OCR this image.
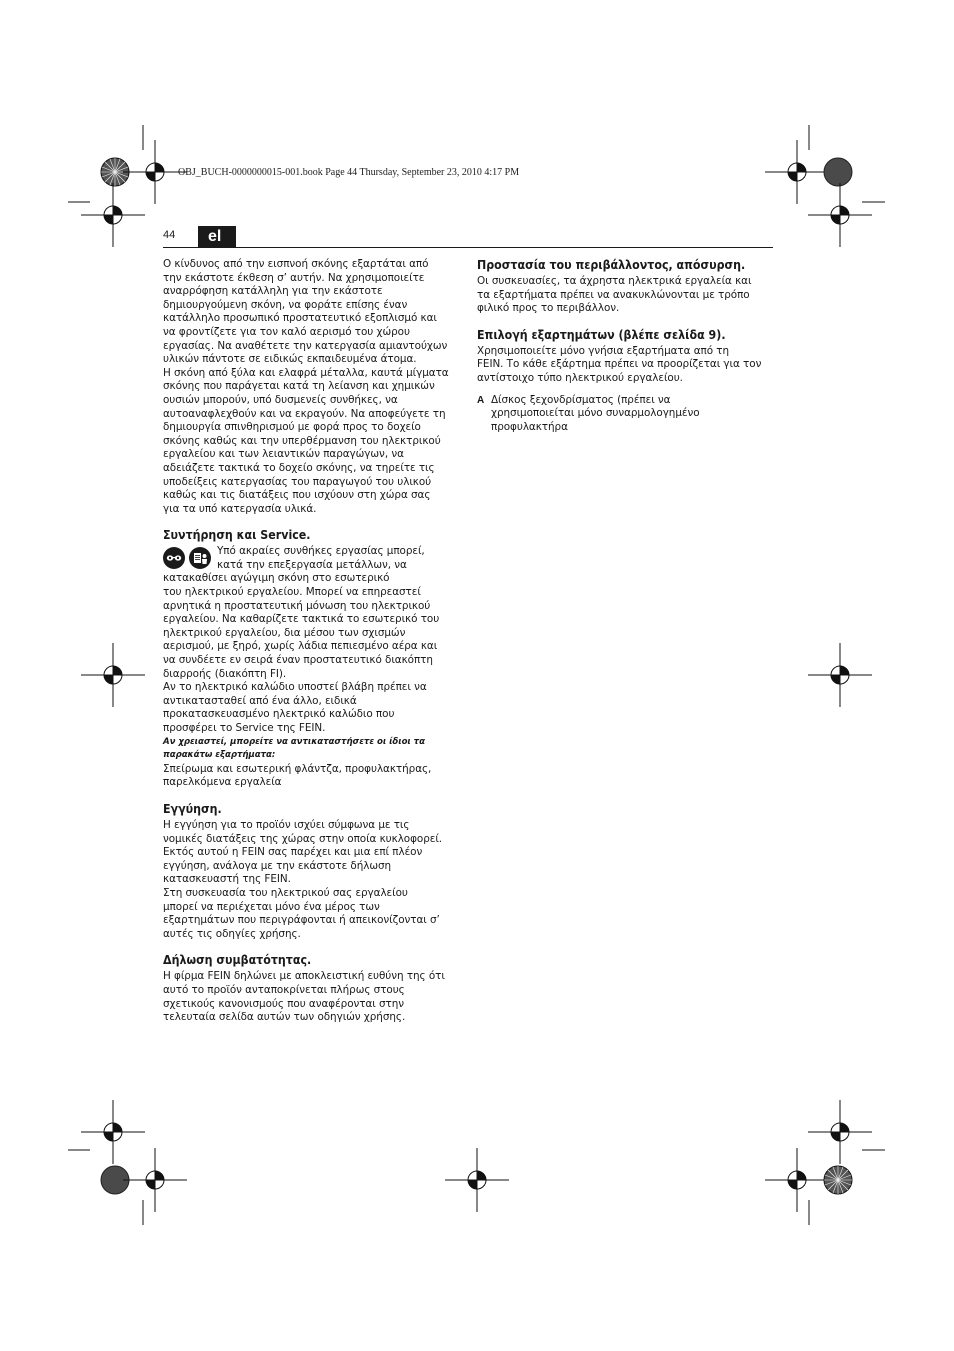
OBJ_BUCH-0000000015-001.book Page 44 Thursday, September 23, 2010 4:17 PM
44	el

Ο κίνδυνος από την εισπνοή σκόνης εξαρτάται από
την εκάστοτε έκθεση σ’ αυτήν. Να χρησιμοποιείτε
αναρρόφηση κατάλληλη για την εκάστοτε
δημιουργούμενη σκόνη, να φοράτε επίσης έναν
κατάλληλο προσωπικό προστατευτικό εξοπλισμό και
να φροντίζετε για τον καλό αερισμό του χώρου
εργασίας. Να αναθέτετε την κατεργασία αμιαντούχων
υλικών πάντοτε σε ειδικώς εκπαιδευμένα άτομα.
Η σκόνη από ξύλα και ελαφρά μέταλλα, καυτά μίγματα
σκόνης που παράγεται κατά τη λείανση και χημικών
ουσιών μπορούν, υπό δυσμενείς συνθήκες, να
αυτοαναφλεχθούν και να εκραγούν. Να αποφεύγετε τη
δημιουργία σπινθηρισμού με φορά προς το δοχείο
σκόνης καθώς και την υπερθέρμανση του ηλεκτρικού
εργαλείου και των λειαντικών παραγώγων, να
αδειάζετε τακτικά το δοχείο σκόνης, να τηρείτε τις
υποδείξεις κατεργασίας του παραγωγού του υλικού
καθώς και τις διατάξεις που ισχύουν στη χώρα σας
για τα υπό κατεργασία υλικά.

Συντήρηση και Service.

Υπό ακραίες συνθήκες εργασίας μπορεί,
κατά την επεξεργασία μετάλλων, να
κατακαθίσει αγώγιμη σκόνη στο εσωτερικό
του ηλεκτρικού εργαλείου. Μπορεί να επηρεαστεί
αρνητικά η προστατευτική μόνωση του ηλεκτρικού
εργαλείου. Να καθαρίζετε τακτικά το εσωτερικό του
ηλεκτρικού εργαλείου, δια μέσου των σχισμών
αερισμού, με ξηρό, χωρίς λάδια πεπιεσμένο αέρα και
να συνδέετε εν σειρά έναν προστατευτικό διακόπτη
διαρροής (διακόπτη FI).

Αν το ηλεκτρικό καλώδιο υποστεί βλάβη πρέπει να
αντικατασταθεί από ένα άλλο, ειδικά
προκατασκευασμένο ηλεκτρικό καλώδιο που
προσφέρει το Service της FEIN.

Αν χρειαστεί, μπορείτε να αντικαταστήσετε οι ίδιοι τα
παρακάτω εξαρτήματα:

Σπείρωμα και εσωτερική φλάντζα, προφυλακτήρας,
παρελκόμενα εργαλεία

Εγγύηση.

Η εγγύηση για το προϊόν ισχύει σύμφωνα με τις
νομικές διατάξεις της χώρας στην οποία κυκλοφορεί.
Εκτός αυτού η FEIN σας παρέχει και μια επί πλέον
εγγύηση, ανάλογα με την εκάστοτε δήλωση
κατασκευαστή της FEIN.
Στη συσκευασία του ηλεκτρικού σας εργαλείου
μπορεί να περιέχεται μόνο ένα μέρος των
εξαρτημάτων που περιγράφονται ή απεικονίζονται σ’
αυτές τις οδηγίες χρήσης.

Δήλωση συμβατότητας.

Η φίρμα FEIN δηλώνει με αποκλειστική ευθύνη της ότι
αυτό το προϊόν ανταποκρίνεται πλήρως στους
σχετικούς κανονισμούς που αναφέρονται στην
τελευταία σελίδα αυτών των οδηγιών χρήσης.

Προστασία του περιβάλλοντος, απόσυρση.

Οι συσκευασίες, τα άχρηστα ηλεκτρικά εργαλεία και
τα εξαρτήματα πρέπει να ανακυκλώνονται με τρόπο
φιλικό προς το περιβάλλον.

Επιλογή εξαρτημάτων (βλέπε σελίδα 9).

Χρησιμοποιείτε μόνο γνήσια εξαρτήματα από τη
FEIN. Το κάθε εξάρτημα πρέπει να προορίζεται για τον
αντίστοιχο τύπο ηλεκτρικού εργαλείου.

A Δίσκος ξεχονδρίσματος (πρέπει να
χρησιμοποιείται μόνο συναρμολογημένο
προφυλακτήρα
